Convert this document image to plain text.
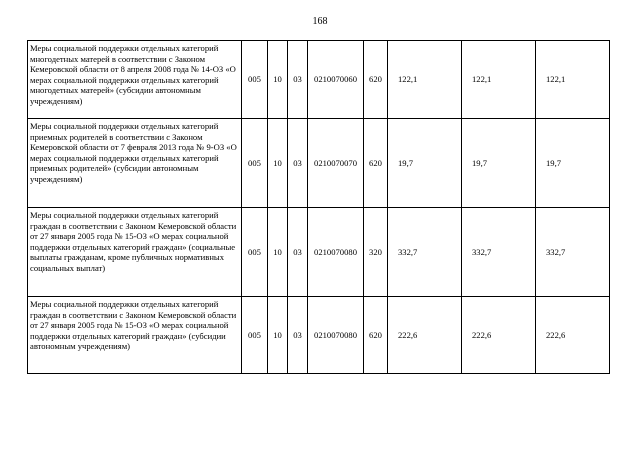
168
Меры социальной поддержки отдельных категорий многодетных матерей в соответствии с Законом Кемеровской области от 8 апреля 2008 года № 14-ОЗ «О мерах социальной поддержки отдельных категорий многодетных матерей» (субсидии автономным учреждениям)	005	10	03	0210070060	620	122,1	122,1	122,1
Меры социальной поддержки отдельных категорий приемных родителей в соответствии с Законом Кемеровской области от 7 февраля 2013 года № 9-ОЗ «О мерах социальной поддержки отдельных категорий приемных родителей» (субсидии автономным учреждениям)	005	10	03	0210070070	620	19,7	19,7	19,7
Меры социальной поддержки отдельных категорий граждан в соответствии с Законом Кемеровской области от 27 января 2005 года № 15-ОЗ «О мерах социальной поддержки отдельных категорий граждан» (социальные выплаты гражданам, кроме публичных нормативных социальных выплат)	005	10	03	0210070080	320	332,7	332,7	332,7
Меры социальной поддержки отдельных категорий граждан в соответствии с Законом Кемеровской области от 27 января 2005 года № 15-ОЗ «О мерах социальной поддержки отдельных категорий граждан» (субсидии автономным учреждениям)	005	10	03	0210070080	620	222,6	222,6	222,6
